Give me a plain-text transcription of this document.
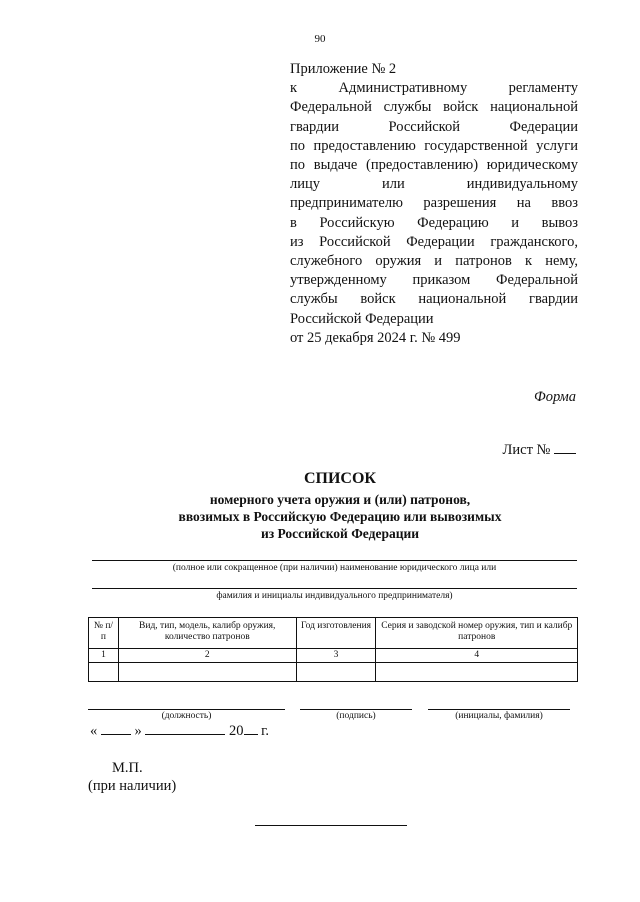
90
Приложение № 2
к Административному регламенту
Федеральной службы войск национальной
гвардии Российской Федерации
по предоставлению государственной услуги
по выдаче (предоставлению) юридическому
лицу или индивидуальному
предпринимателю разрешения на ввоз
в Российскую Федерацию и вывоз
из Российской Федерации гражданского,
служебного оружия и патронов к нему,
утвержденному приказом Федеральной
службы войск национальной гвардии
Российской Федерации
от 25 декабря 2024 г. № 499
Форма
Лист №
СПИСОК
номерного учета оружия и (или) патронов,
ввозимых в Российскую Федерацию или вывозимых
из Российской Федерации
(полное или сокращенное (при наличии) наименование юридического лица или
фамилия и инициалы индивидуального предпринимателя)
№ п/п	Вид, тип, модель, калибр оружия, количество патронов	Год изготовления	Серия и заводской номер оружия, тип и калибр патронов
1	2	3	4

(должность)	(подпись)	(инициалы, фамилия)
«	»	20 г.
М.П.
(при наличии)
